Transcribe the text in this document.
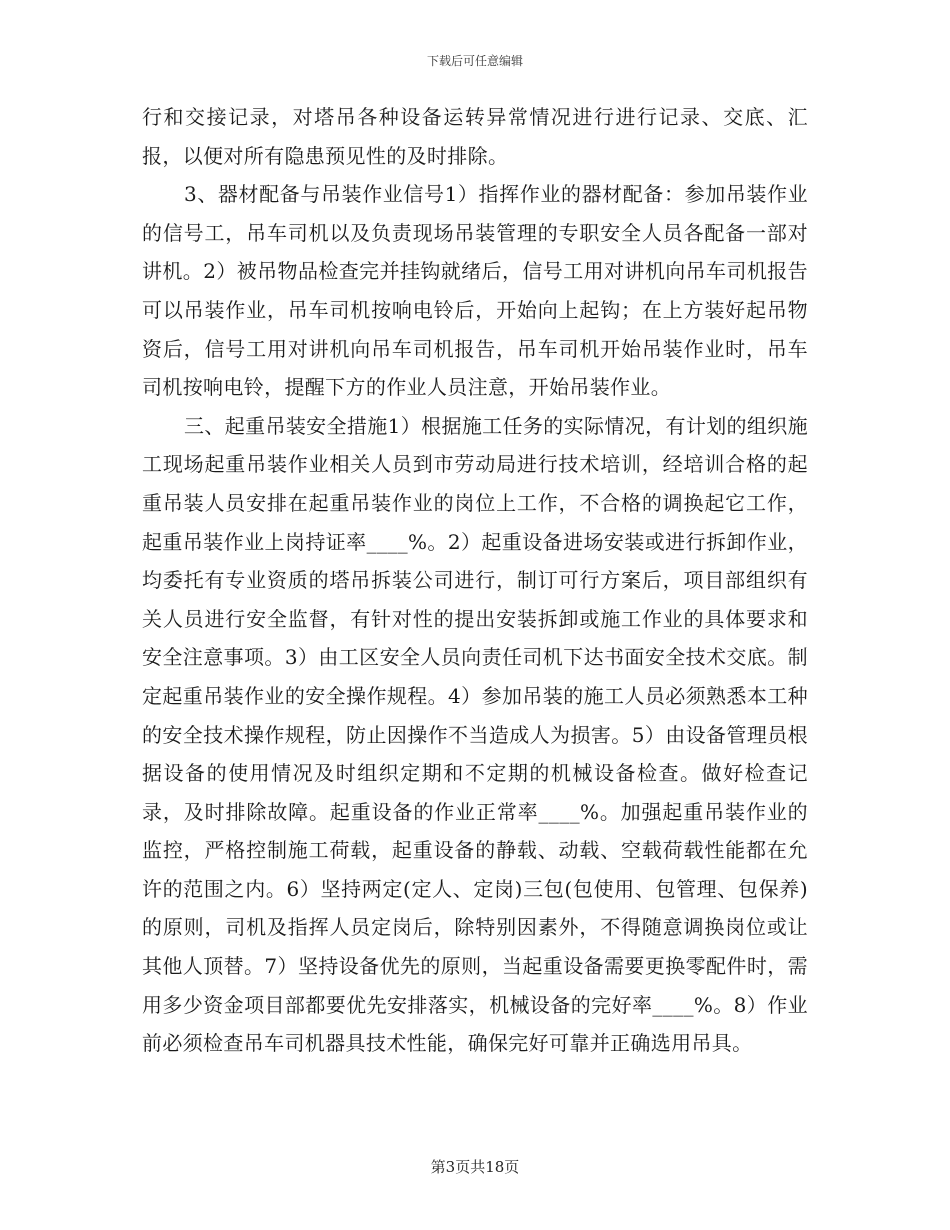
下载后可任意编辑

行和交接记录，对塔吊各种设备运转异常情况进行进行记录、交底、汇报，以便对所有隐患预见性的及时排除。

3、器材配备与吊装作业信号1）指挥作业的器材配备：参加吊装作业的信号工，吊车司机以及负责现场吊装管理的专职安全人员各配备一部对讲机。2）被吊物品检查完并挂钩就绪后，信号工用对讲机向吊车司机报告可以吊装作业，吊车司机按响电铃后，开始向上起钩；在上方装好起吊物资后，信号工用对讲机向吊车司机报告，吊车司机开始吊装作业时，吊车司机按响电铃，提醒下方的作业人员注意，开始吊装作业。

三、起重吊装安全措施1）根据施工任务的实际情况，有计划的组织施工现场起重吊装作业相关人员到市劳动局进行技术培训，经培训合格的起重吊装人员安排在起重吊装作业的岗位上工作，不合格的调换起它工作，起重吊装作业上岗持证率____%。2）起重设备进场安装或进行拆卸作业，均委托有专业资质的塔吊拆装公司进行，制订可行方案后，项目部组织有关人员进行安全监督，有针对性的提出安装拆卸或施工作业的具体要求和安全注意事项。3）由工区安全人员向责任司机下达书面安全技术交底。制定起重吊装作业的安全操作规程。4）参加吊装的施工人员必须熟悉本工种的安全技术操作规程，防止因操作不当造成人为损害。5）由设备管理员根据设备的使用情况及时组织定期和不定期的机械设备检查。做好检查记录，及时排除故障。起重设备的作业正常率____%。加强起重吊装作业的监控，严格控制施工荷载，起重设备的静载、动载、空载荷载性能都在允许的范围之内。6）坚持两定(定人、定岗)三包(包使用、包管理、包保养)的原则，司机及指挥人员定岗后，除特别因素外，不得随意调换岗位或让其他人顶替。7）坚持设备优先的原则，当起重设备需要更换零配件时，需用多少资金项目部都要优先安排落实，机械设备的完好率____%。8）作业前必须检查吊车司机器具技术性能，确保完好可靠并正确选用吊具。

第3页共18页
